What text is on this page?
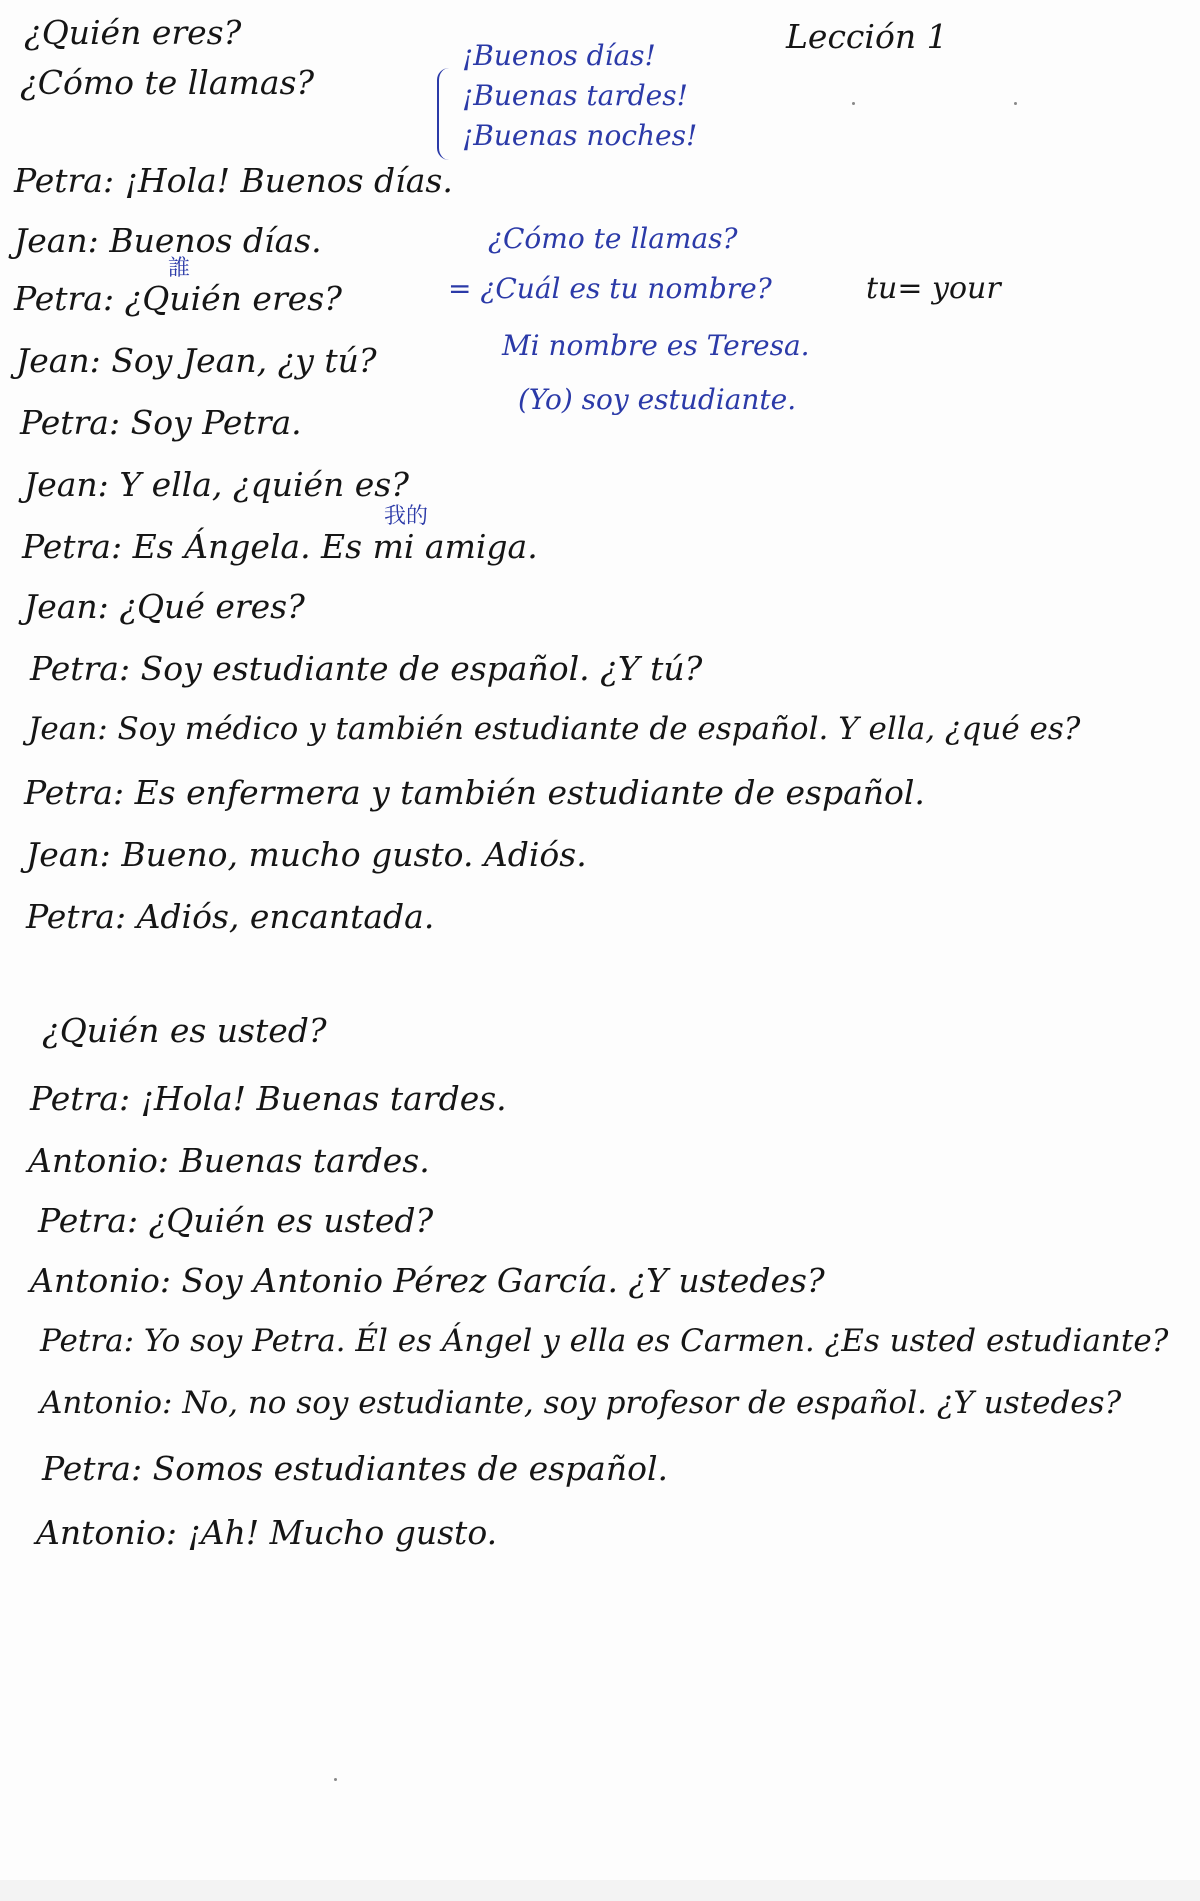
¿Quién eres?
¿Cómo te llamas?
Lección 1
¡Buenos días!
¡Buenas tardes!
¡Buenas noches!
¿Cómo te llamas?
= ¿Cuál es tu nombre?	tu= your
Mi nombre es Teresa.
(Yo) soy estudiante.
誰
我的
Petra: ¡Hola! Buenos días.
Jean: Buenos días.
Petra: ¿Quién eres?
Jean: Soy Jean, ¿y tú?
Petra: Soy Petra.
Jean: Y ella, ¿quién es?
Petra: Es Ángela. Es mi amiga.
Jean: ¿Qué eres?
Petra: Soy estudiante de español. ¿Y tú?
Jean: Soy médico y también estudiante de español. Y ella, ¿qué es?
Petra: Es enfermera y también estudiante de español.
Jean: Bueno, mucho gusto. Adiós.
Petra: Adiós, encantada.
¿Quién es usted?
Petra: ¡Hola! Buenas tardes.
Antonio: Buenas tardes.
Petra: ¿Quién es usted?
Antonio: Soy Antonio Pérez García. ¿Y ustedes?
Petra: Yo soy Petra. Él es Ángel y ella es Carmen. ¿Es usted estudiante?
Antonio: No, no soy estudiante, soy profesor de español. ¿Y ustedes?
Petra: Somos estudiantes de español.
Antonio: ¡Ah! Mucho gusto.
